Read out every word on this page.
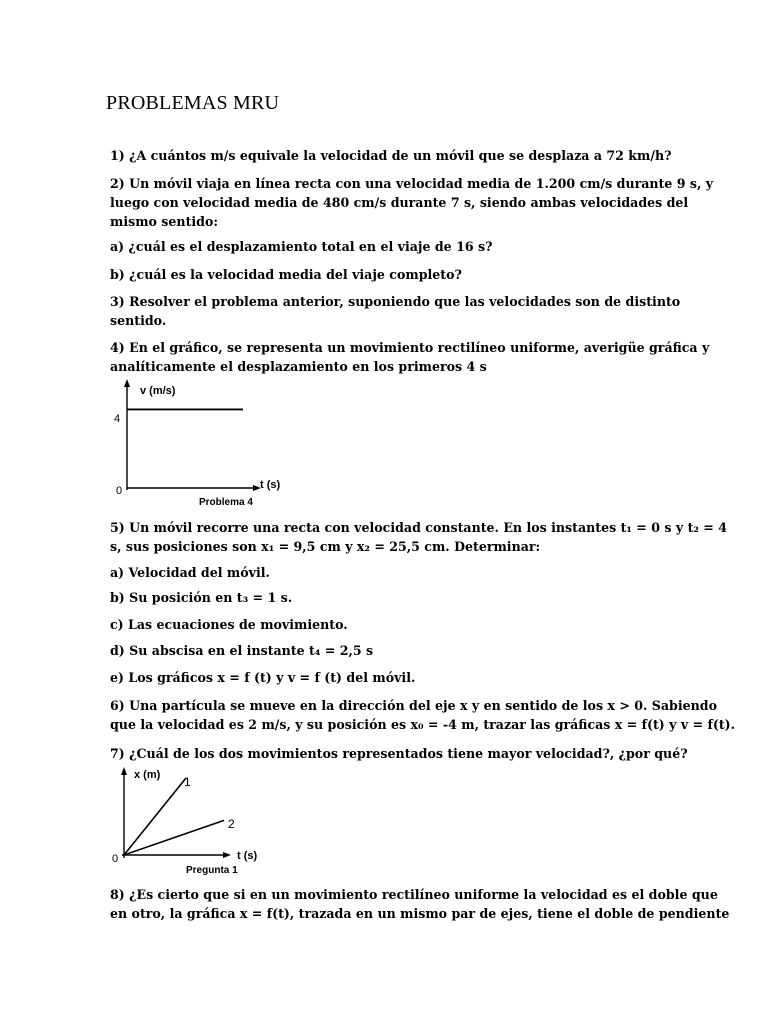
PROBLEMAS MRU
1) ¿A cuántos m/s equivale la velocidad de un móvil que se desplaza a 72 km/h?
2) Un móvil viaja en línea recta con una velocidad media de 1.200 cm/s durante 9 s, y
luego con velocidad media de 480 cm/s durante 7 s, siendo ambas velocidades del
mismo sentido:
a) ¿cuál es el desplazamiento total en el viaje de 16 s?
b) ¿cuál es la velocidad media del viaje completo?
3) Resolver el problema anterior, suponiendo que las velocidades son de distinto
sentido.
4) En el gráfico, se representa un movimiento rectilíneo uniforme, averigüe gráfica y
analíticamente el desplazamiento en los primeros 4 s
v (m/s)
4
0	t (s)
Problema 4
5) Un móvil recorre una recta con velocidad constante. En los instantes t₁ = 0 s y t₂ = 4
s, sus posiciones son x₁ = 9,5 cm y x₂ = 25,5 cm. Determinar:
a) Velocidad del móvil.
b) Su posición en t₃ = 1 s.
c) Las ecuaciones de movimiento.
d) Su abscisa en el instante t₄ = 2,5 s
e) Los gráficos x = f (t) y v = f (t) del móvil.
6) Una partícula se mueve en la dirección del eje x y en sentido de los x > 0. Sabiendo
que la velocidad es 2 m/s, y su posición es x₀ = -4 m, trazar las gráficas x = f(t) y v = f(t).
7) ¿Cuál de los dos movimientos representados tiene mayor velocidad?, ¿por qué?
1
2
x (m)
0	t (s)
Pregunta 1
8) ¿Es cierto que si en un movimiento rectilíneo uniforme la velocidad es el doble que
en otro, la gráfica x = f(t), trazada en un mismo par de ejes, tiene el doble de pendiente
